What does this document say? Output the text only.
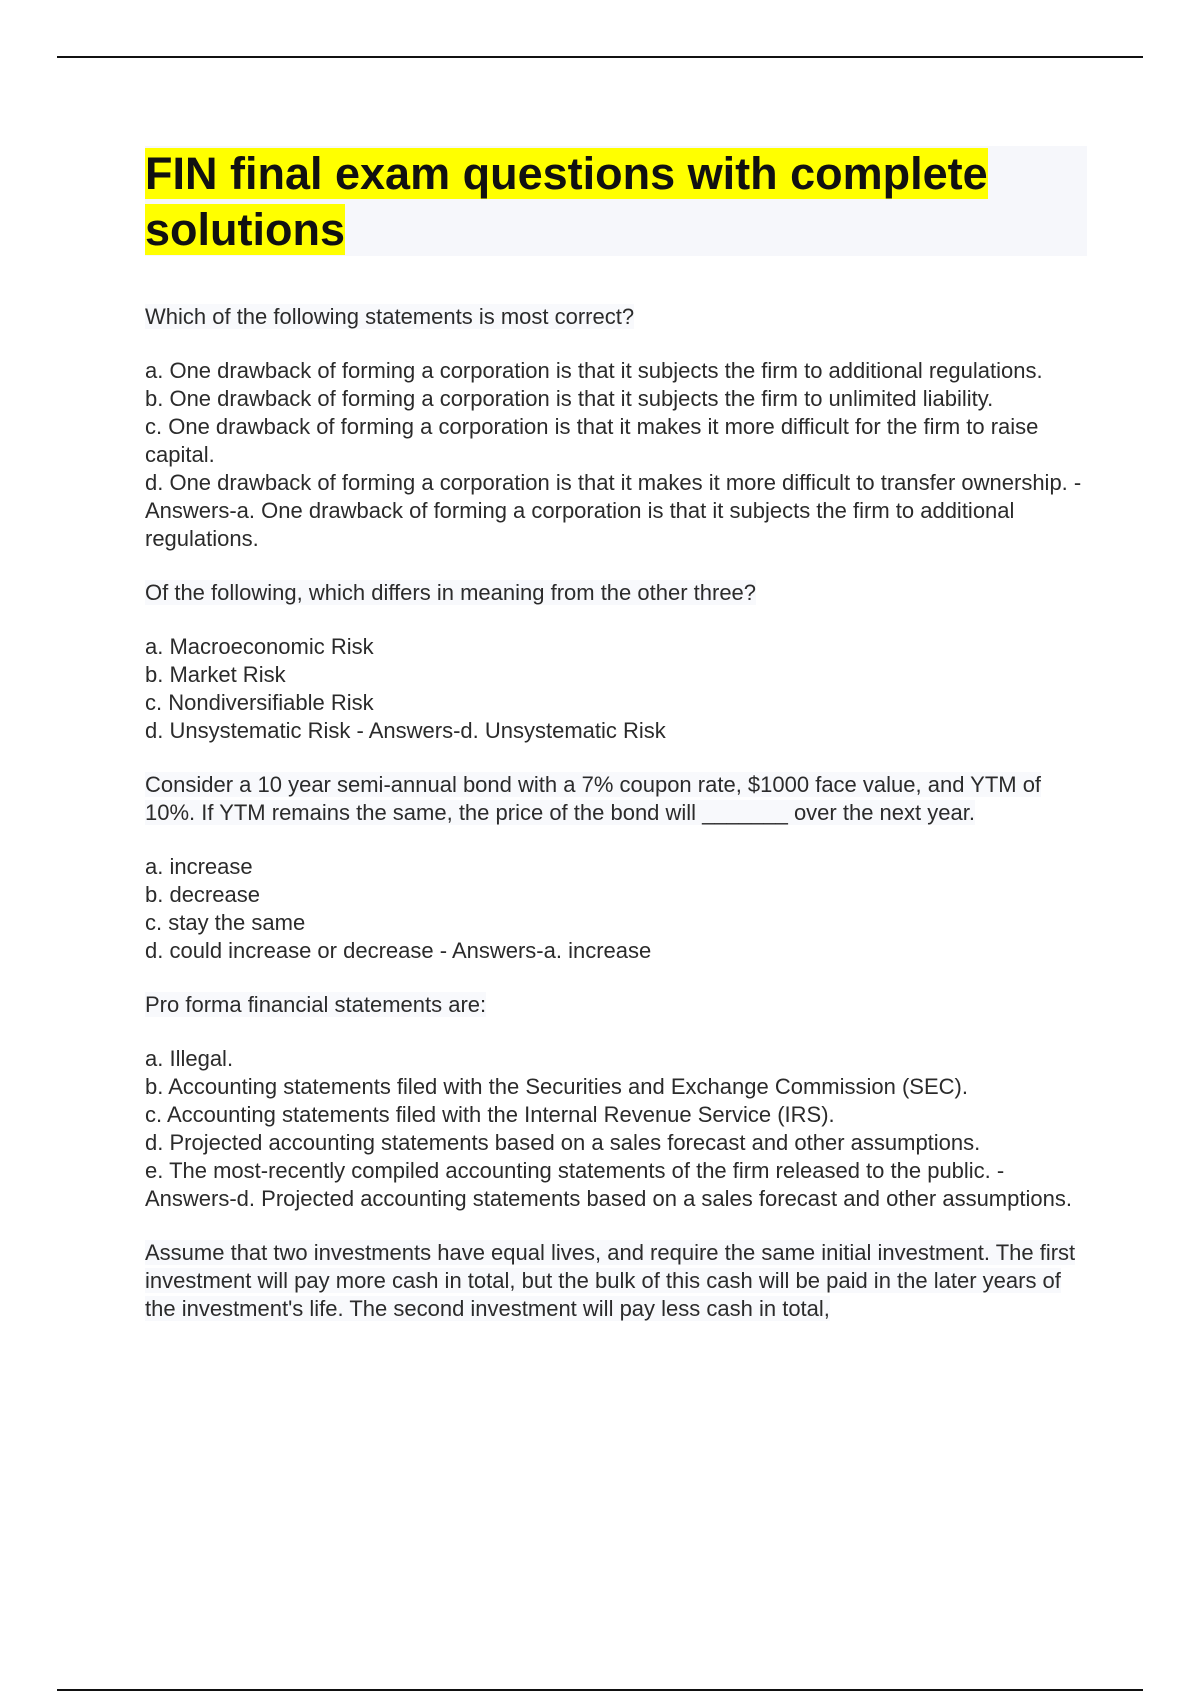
FIN final exam questions with complete solutions

Which of the following statements is most correct?

a. One drawback of forming a corporation is that it subjects the firm to additional regulations.
b. One drawback of forming a corporation is that it subjects the firm to unlimited liability.
c. One drawback of forming a corporation is that it makes it more difficult for the firm to raise capital.
d. One drawback of forming a corporation is that it makes it more difficult to transfer ownership. - Answers-a. One drawback of forming a corporation is that it subjects the firm to additional regulations.

Of the following, which differs in meaning from the other three?

a. Macroeconomic Risk
b. Market Risk
c. Nondiversifiable Risk
d. Unsystematic Risk - Answers-d. Unsystematic Risk

Consider a 10 year semi-annual bond with a 7% coupon rate, $1000 face value, and YTM of 10%. If YTM remains the same, the price of the bond will _______ over the next year.

a. increase
b. decrease
c. stay the same
d. could increase or decrease - Answers-a. increase

Pro forma financial statements are:

a. Illegal.
b. Accounting statements filed with the Securities and Exchange Commission (SEC).
c. Accounting statements filed with the Internal Revenue Service (IRS).
d. Projected accounting statements based on a sales forecast and other assumptions.
e. The most-recently compiled accounting statements of the firm released to the public. - Answers-d. Projected accounting statements based on a sales forecast and other assumptions.

Assume that two investments have equal lives, and require the same initial investment. The first investment will pay more cash in total, but the bulk of this cash will be paid in the later years of the investment's life. The second investment will pay less cash in total,
